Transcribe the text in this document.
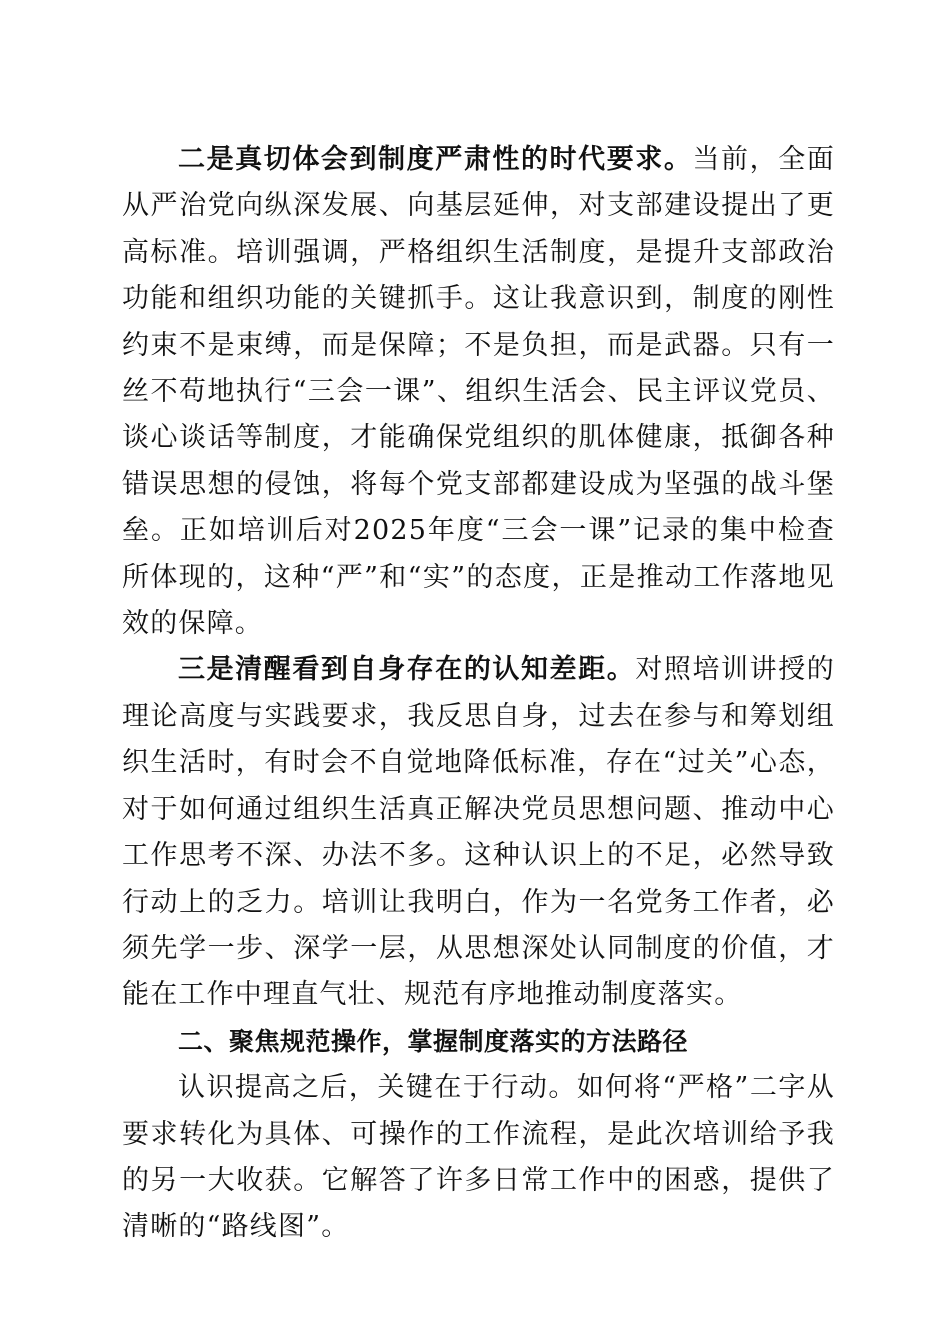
二是真切体会到制度严肃性的时代要求。当前，全面从严治党向纵深发展、向基层延伸，对支部建设提出了更高标准。培训强调，严格组织生活制度，是提升支部政治功能和组织功能的关键抓手。这让我意识到，制度的刚性约束不是束缚，而是保障；不是负担，而是武器。只有一丝不苟地执行“三会一课”、组织生活会、民主评议党员、谈心谈话等制度，才能确保党组织的肌体健康，抵御各种错误思想的侵蚀，将每个党支部都建设成为坚强的战斗堡垒。正如培训后对2025年度“三会一课”记录的集中检查所体现的，这种“严”和“实”的态度，正是推动工作落地见效的保障。

三是清醒看到自身存在的认知差距。对照培训讲授的理论高度与实践要求，我反思自身，过去在参与和筹划组织生活时，有时会不自觉地降低标准，存在“过关”心态，对于如何通过组织生活真正解决党员思想问题、推动中心工作思考不深、办法不多。这种认识上的不足，必然导致行动上的乏力。培训让我明白，作为一名党务工作者，必须先学一步、深学一层，从思想深处认同制度的价值，才能在工作中理直气壮、规范有序地推动制度落实。

二、聚焦规范操作，掌握制度落实的方法路径

认识提高之后，关键在于行动。如何将“严格”二字从要求转化为具体、可操作的工作流程，是此次培训给予我的另一大收获。它解答了许多日常工作中的困惑，提供了清晰的“路线图”。
